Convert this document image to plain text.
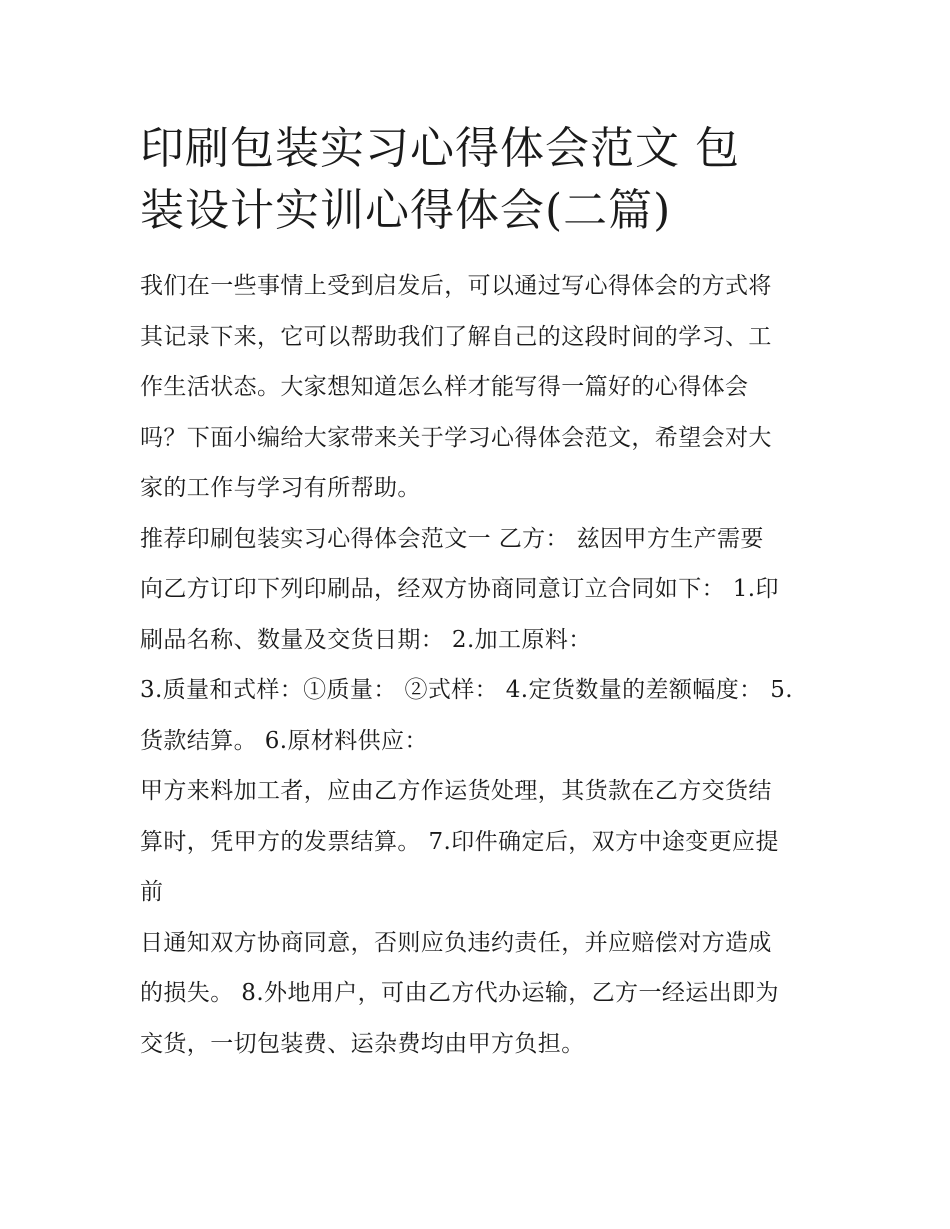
印刷包装实习心得体会范文 包
装设计实训心得体会(二篇)
我们在一些事情上受到启发后，可以通过写心得体会的方式将
其记录下来，它可以帮助我们了解自己的这段时间的学习、工
作生活状态。大家想知道怎么样才能写得一篇好的心得体会
吗？下面小编给大家带来关于学习心得体会范文，希望会对大
家的工作与学习有所帮助。
推荐印刷包装实习心得体会范文一 乙方： 兹因甲方生产需要
向乙方订印下列印刷品，经双方协商同意订立合同如下： 1.印
刷品名称、数量及交货日期： 2.加工原料：
3.质量和式样：①质量： ②式样： 4.定货数量的差额幅度： 5.
货款结算。 6.原材料供应：
甲方来料加工者，应由乙方作运货处理，其货款在乙方交货结
算时，凭甲方的发票结算。 7.印件确定后，双方中途变更应提
前
日通知双方协商同意，否则应负违约责任，并应赔偿对方造成
的损失。 8.外地用户，可由乙方代办运输，乙方一经运出即为
交货，一切包装费、运杂费均由甲方负担。
